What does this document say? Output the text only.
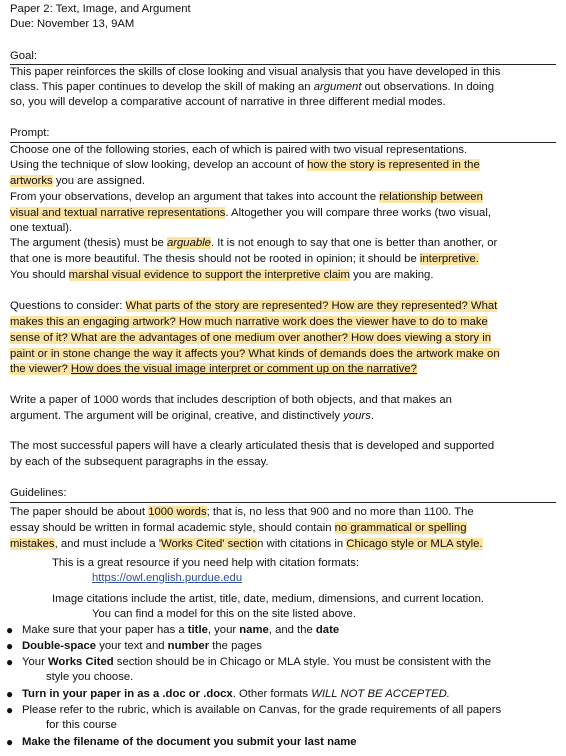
Paper 2: Text, Image, and Argument
Due: November 13, 9AM
Goal:
This paper reinforces the skills of close looking and visual analysis that you have developed in this
class. This paper continues to develop the skill of making an argument out observations. In doing
so, you will develop a comparative account of narrative in three different medial modes.
Prompt:
Choose one of the following stories, each of which is paired with two visual representations.
Using the technique of slow looking, develop an account of how the story is represented in the
artworks you are assigned.
From your observations, develop an argument that takes into account the relationship between
visual and textual narrative representations. Altogether you will compare three works (two visual,
one textual).
The argument (thesis) must be arguable. It is not enough to say that one is better than another, or
that one is more beautiful. The thesis should not be rooted in opinion; it should be interpretive.
You should marshal visual evidence to support the interpretive claim you are making.
Questions to consider: What parts of the story are represented? How are they represented? What
makes this an engaging artwork? How much narrative work does the viewer have to do to make
sense of it? What are the advantages of one medium over another? How does viewing a story in
paint or in stone change the way it affects you? What kinds of demands does the artwork make on
the viewer? How does the visual image interpret or comment up on the narrative?
Write a paper of 1000 words that includes description of both objects, and that makes an
argument. The argument will be original, creative, and distinctively yours.
The most successful papers will have a clearly articulated thesis that is developed and supported
by each of the subsequent paragraphs in the essay.
Guidelines:
The paper should be about 1000 words; that is, no less that 900 and no more than 1100. The
essay should be written in formal academic style, should contain no grammatical or spelling
mistakes, and must include a 'Works Cited' section with citations in Chicago style or MLA style.
This is a great resource if you need help with citation formats:
https://owl.english.purdue.edu
Image citations include the artist, title, date, medium, dimensions, and current location.
You can find a model for this on the site listed above.
● Make sure that your paper has a title, your name, and the date
● Double-space your text and number the pages
● Your Works Cited section should be in Chicago or MLA style. You must be consistent with the
style you choose.
● Turn in your paper in as a .doc or .docx. Other formats WILL NOT BE ACCEPTED.
● Please refer to the rubric, which is available on Canvas, for the grade requirements of all papers
for this course
● Make the filename of the document you submit your last name
